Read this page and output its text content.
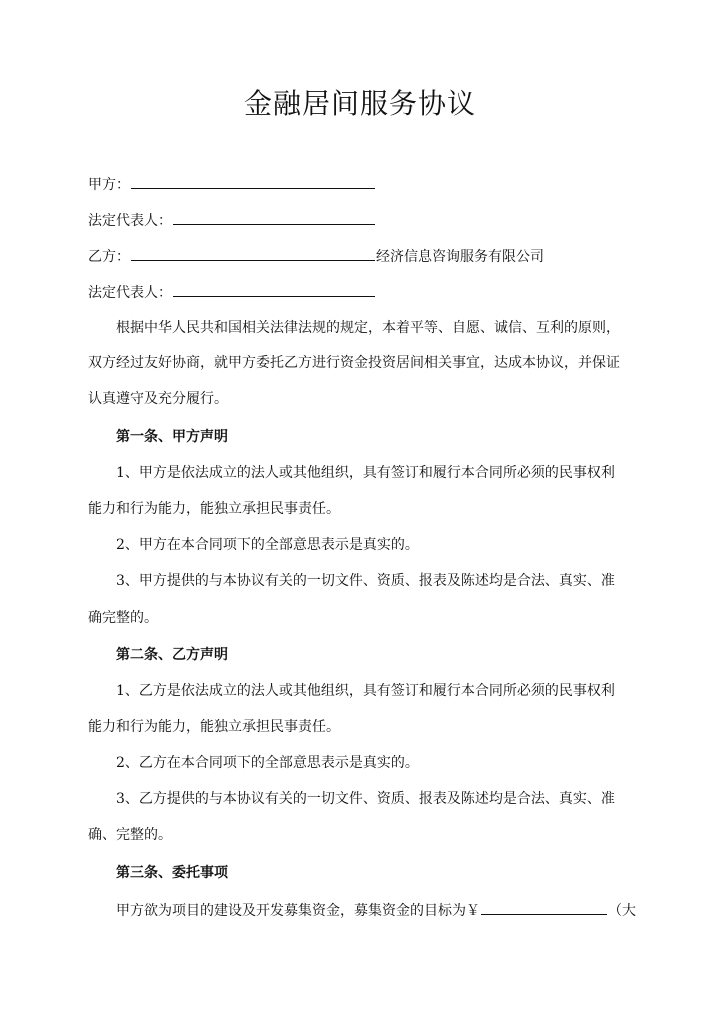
金融居间服务协议
甲方：
法定代表人：
乙方：	经济信息咨询服务有限公司
法定代表人：
根据中华人民共和国相关法律法规的规定，本着平等、自愿、诚信、互利的原则，
双方经过友好协商，就甲方委托乙方进行资金投资居间相关事宜，达成本协议，并保证
认真遵守及充分履行。
第一条、甲方声明
1、甲方是依法成立的法人或其他组织，具有签订和履行本合同所必须的民事权利
能力和行为能力，能独立承担民事责任。
2、甲方在本合同项下的全部意思表示是真实的。
3、甲方提供的与本协议有关的一切文件、资质、报表及陈述均是合法、真实、准
确完整的。
第二条、乙方声明
1、乙方是依法成立的法人或其他组织，具有签订和履行本合同所必须的民事权利
能力和行为能力，能独立承担民事责任。
2、乙方在本合同项下的全部意思表示是真实的。
3、乙方提供的与本协议有关的一切文件、资质、报表及陈述均是合法、真实、准
确、完整的。
第三条、委托事项
甲方欲为项目的建设及开发募集资金，募集资金的目标为￥	（大
